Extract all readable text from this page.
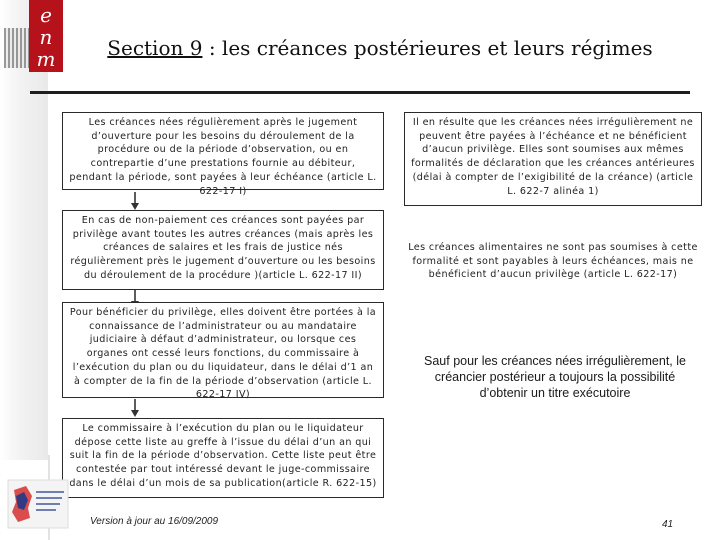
e
n
m	Section 9 : les créances postérieures et leurs régimes
Les créances nées régulièrement après le jugement d’ouverture pour les besoins du déroulement de la procédure ou de la période d’observation, ou en contrepartie d’une prestations fournie au débiteur, pendant la période, sont payées à leur échéance (article L. 622-17 I)
En cas de non-paiement ces créances sont payées par privilège avant toutes les autres créances (mais après les créances de salaires et les frais de justice nés régulièrement près le jugement d’ouverture ou les besoins du déroulement de la procédure )(article L. 622-17 II)
Pour bénéficier du privilège, elles doivent être portées à la connaissance de l’administrateur ou au mandataire judiciaire à défaut d’administrateur, ou lorsque ces organes ont cessé leurs fonctions, du commissaire à l’exécution du plan ou du liquidateur, dans le délai d’1 an à compter de la fin de la période d’observation (article L. 622-17 IV)
Le commissaire à l’exécution du plan ou le liquidateur dépose cette liste au greffe à l’issue du délai d’un an qui suit la fin de la période d’observation. Cette liste peut être contestée par tout intéressé devant le juge-commissaire dans le délai d’un mois de sa publication(article R. 622-15)
Il en résulte que les créances nées irrégulièrement ne peuvent être payées à l’échéance et ne bénéficient d’aucun privilège. Elles sont soumises aux mêmes formalités de déclaration que les créances antérieures (délai à compter de l’exigibilité de la créance) (article L. 622-7 alinéa 1)
Les créances alimentaires ne sont pas soumises à cette formalité et sont payables à leurs échéances, mais ne bénéficient d’aucun privilège (article L. 622-17)
Sauf pour les créances nées irrégulièrement, le créancier postérieur a toujours la possibilité d’obtenir un titre exécutoire
Version à jour au 16/09/2009	41
